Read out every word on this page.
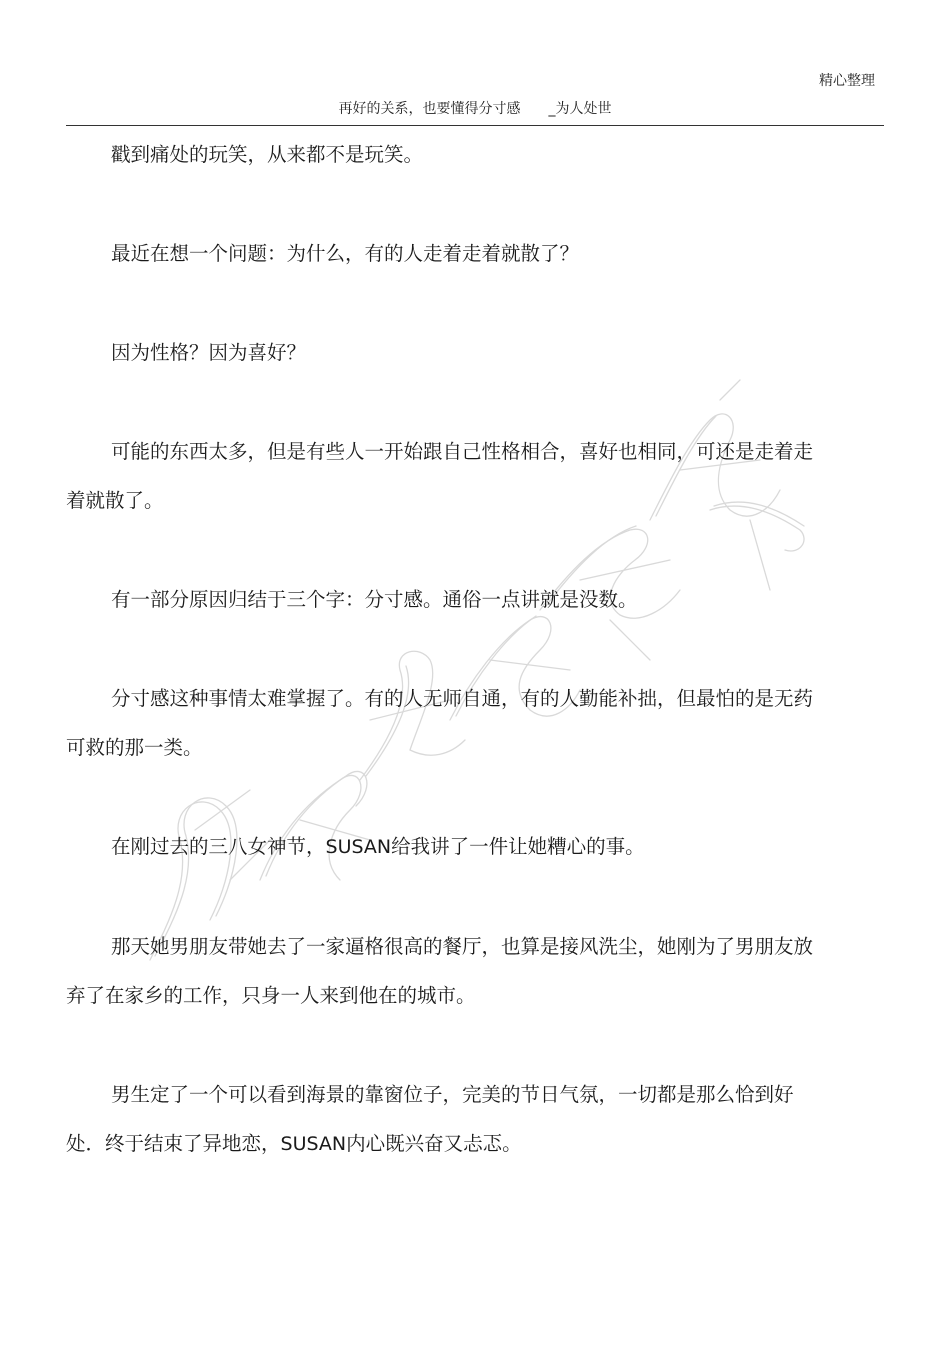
精心整理
再好的关系，也要懂得分寸感 _为人处世

戳到痛处的玩笑，从来都不是玩笑。

最近在想一个问题：为什么，有的人走着走着就散了？

因为性格？因为喜好？

可能的东西太多，但是有些人一开始跟自己性格相合，喜好也相同，可还是走着走着就散了。

有一部分原因归结于三个字：分寸感。通俗一点讲就是没数。

分寸感这种事情太难掌握了。有的人无师自通，有的人勤能补拙，但最怕的是无药可救的那一类。

在刚过去的三八女神节，SUSAN给我讲了一件让她糟心的事。

那天她男朋友带她去了一家逼格很高的餐厅，也算是接风洗尘，她刚为了男朋友放弃了在家乡的工作，只身一人来到他在的城市。

男生定了一个可以看到海景的靠窗位子，完美的节日气氛，一切都是那么恰到好处．终于结束了异地恋，SUSAN内心既兴奋又忐忑。
